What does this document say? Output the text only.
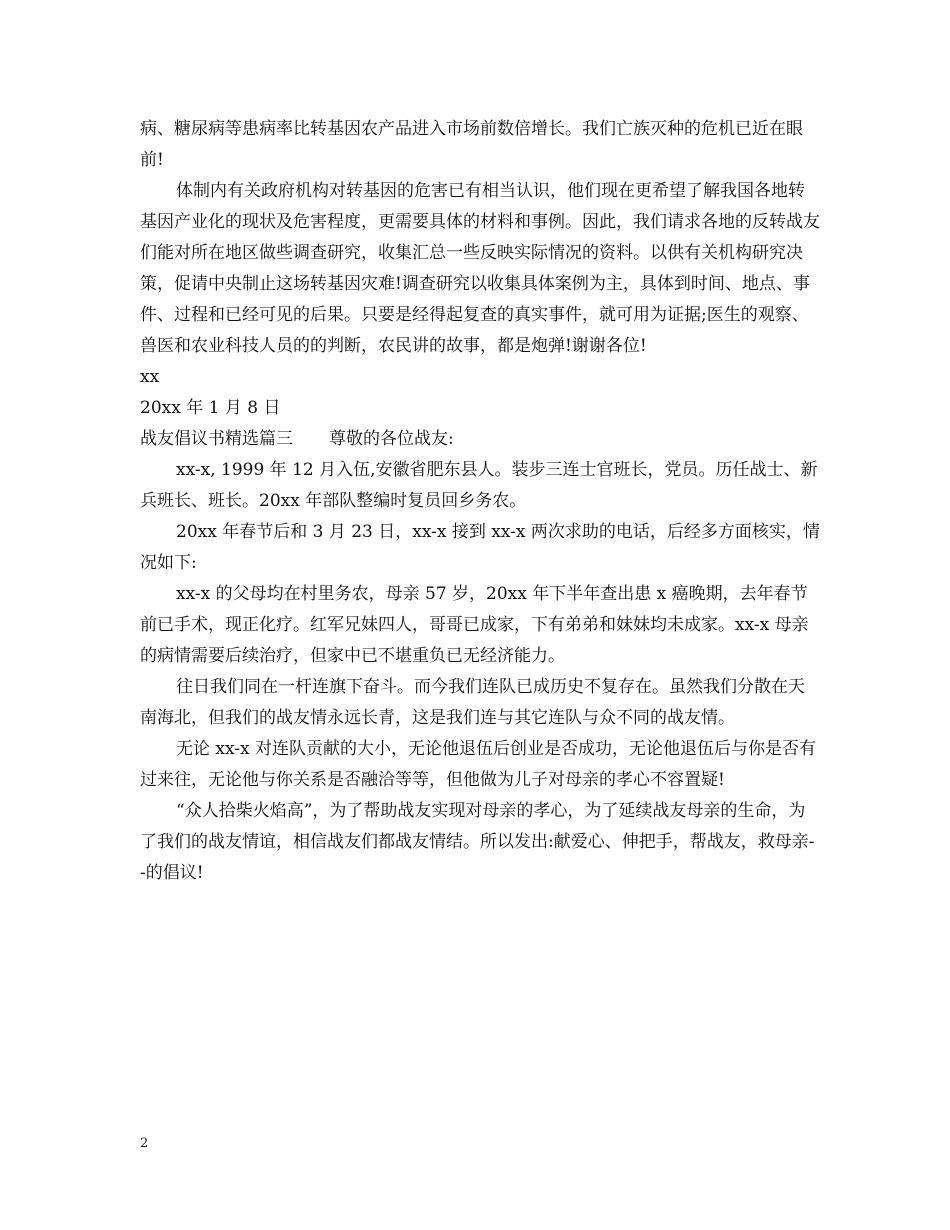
病、糖尿病等患病率比转基因农产品进入市场前数倍增长。我们亡族灭种的危机已近在眼前!

体制内有关政府机构对转基因的危害已有相当认识，他们现在更希望了解我国各地转基因产业化的现状及危害程度，更需要具体的材料和事例。因此，我们请求各地的反转战友们能对所在地区做些调查研究，收集汇总一些反映实际情况的资料。以供有关机构研究决策，促请中央制止这场转基因灾难!调查研究以收集具体案例为主，具体到时间、地点、事件、过程和已经可见的后果。只要是经得起复查的真实事件，就可用为证据;医生的观察、兽医和农业科技人员的的判断，农民讲的故事，都是炮弹!谢谢各位!

xx

20xx 年 1 月 8 日

战友倡议书精选篇三 尊敬的各位战友:

xx-x, 1999 年 12 月入伍,安徽省肥东县人。装步三连士官班长，党员。历任战士、新兵班长、班长。20xx 年部队整编时复员回乡务农。

20xx 年春节后和 3 月 23 日，xx-x 接到 xx-x 两次求助的电话，后经多方面核实，情况如下:

xx-x 的父母均在村里务农，母亲 57 岁，20xx 年下半年查出患 x 癌晚期，去年春节前已手术，现正化疗。红军兄妹四人，哥哥已成家，下有弟弟和妹妹均未成家。xx-x 母亲的病情需要后续治疗，但家中已不堪重负已无经济能力。

往日我们同在一杆连旗下奋斗。而今我们连队已成历史不复存在。虽然我们分散在天南海北，但我们的战友情永远长青，这是我们连与其它连队与众不同的战友情。

无论 xx-x 对连队贡献的大小，无论他退伍后创业是否成功，无论他退伍后与你是否有过来往，无论他与你关系是否融洽等等，但他做为儿子对母亲的孝心不容置疑!

“众人拾柴火焰高”，为了帮助战友实现对母亲的孝心，为了延续战友母亲的生命，为了我们的战友情谊，相信战友们都战友情结。所以发出:献爱心、伸把手，帮战友，救母亲--的倡议!

2
